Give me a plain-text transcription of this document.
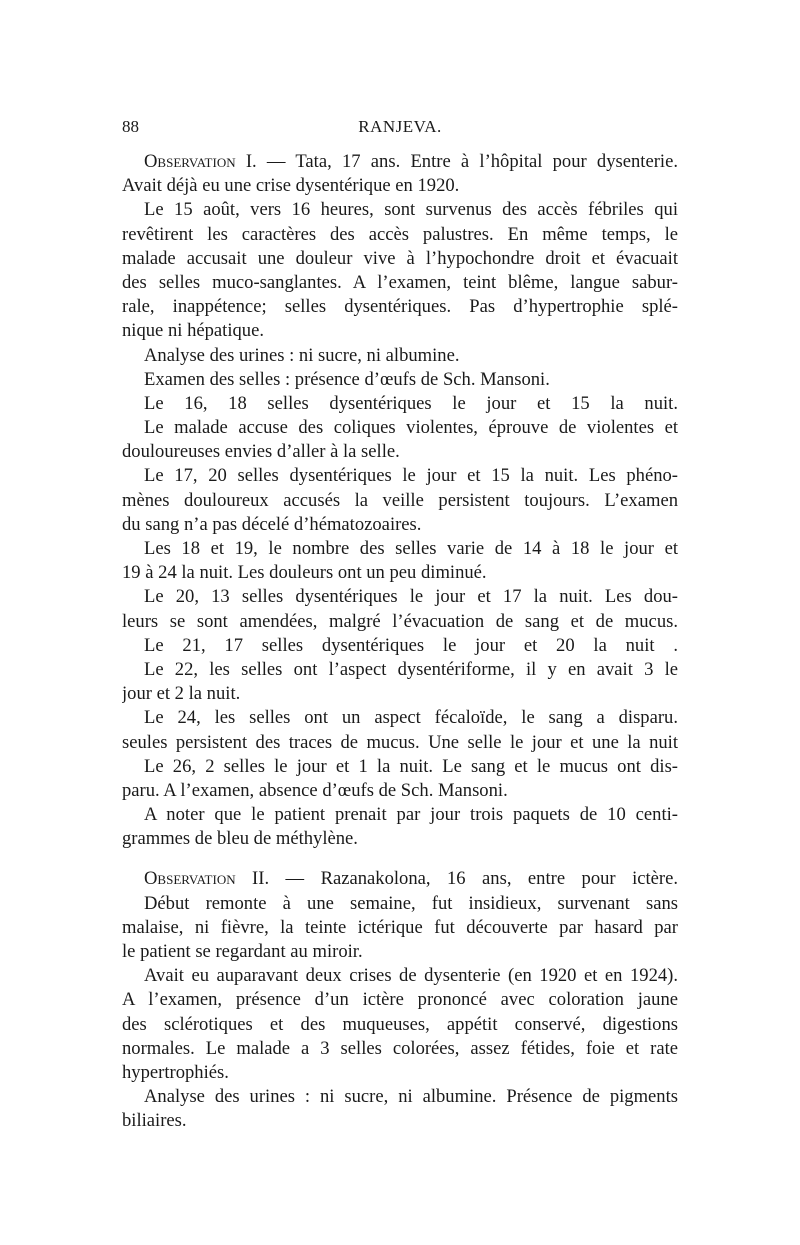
88	RANJEVA.
Observation I. — Tata, 17 ans. Entre à l’hôpital pour dysenterie.
Avait déjà eu une crise dysentérique en 1920.
Le 15 août, vers 16 heures, sont survenus des accès fébriles qui
revêtirent les caractères des accès palustres. En même temps, le
malade accusait une douleur vive à l’hypochondre droit et évacuait
des selles muco-sanglantes. A l’examen, teint blême, langue sabur-
rale, inappétence; selles dysentériques. Pas d’hypertrophie splé-
nique ni hépatique.
Analyse des urines : ni sucre, ni albumine.
Examen des selles : présence d’œufs de Sch. Mansoni.
Le 16, 18 selles dysentériques le jour et 15 la nuit.
Le malade accuse des coliques violentes, éprouve de violentes et
douloureuses envies d’aller à la selle.
Le 17, 20 selles dysentériques le jour et 15 la nuit. Les phéno-
mènes douloureux accusés la veille persistent toujours. L’examen
du sang n’a pas décelé d’hématozoaires.
Les 18 et 19, le nombre des selles varie de 14 à 18 le jour et
19 à 24 la nuit. Les douleurs ont un peu diminué.
Le 20, 13 selles dysentériques le jour et 17 la nuit. Les dou-
leurs se sont amendées, malgré l’évacuation de sang et de mucus.
Le 21, 17 selles dysentériques le jour et 20 la nuit .
Le 22, les selles ont l’aspect dysentériforme, il y en avait 3 le
jour et 2 la nuit.
Le 24, les selles ont un aspect fécaloïde, le sang a disparu.
seules persistent des traces de mucus. Une selle le jour et une la nuit
Le 26, 2 selles le jour et 1 la nuit. Le sang et le mucus ont dis-
paru. A l’examen, absence d’œufs de Sch. Mansoni.
A noter que le patient prenait par jour trois paquets de 10 centi-
grammes de bleu de méthylène.
Observation II. — Razanakolona, 16 ans, entre pour ictère.
Début remonte à une semaine, fut insidieux, survenant sans
malaise, ni fièvre, la teinte ictérique fut découverte par hasard par
le patient se regardant au miroir.
Avait eu auparavant deux crises de dysenterie (en 1920 et en 1924).
A l’examen, présence d’un ictère prononcé avec coloration jaune
des sclérotiques et des muqueuses, appétit conservé, digestions
normales. Le malade a 3 selles colorées, assez fétides, foie et rate
hypertrophiés.
Analyse des urines : ni sucre, ni albumine. Présence de pigments
biliaires.
